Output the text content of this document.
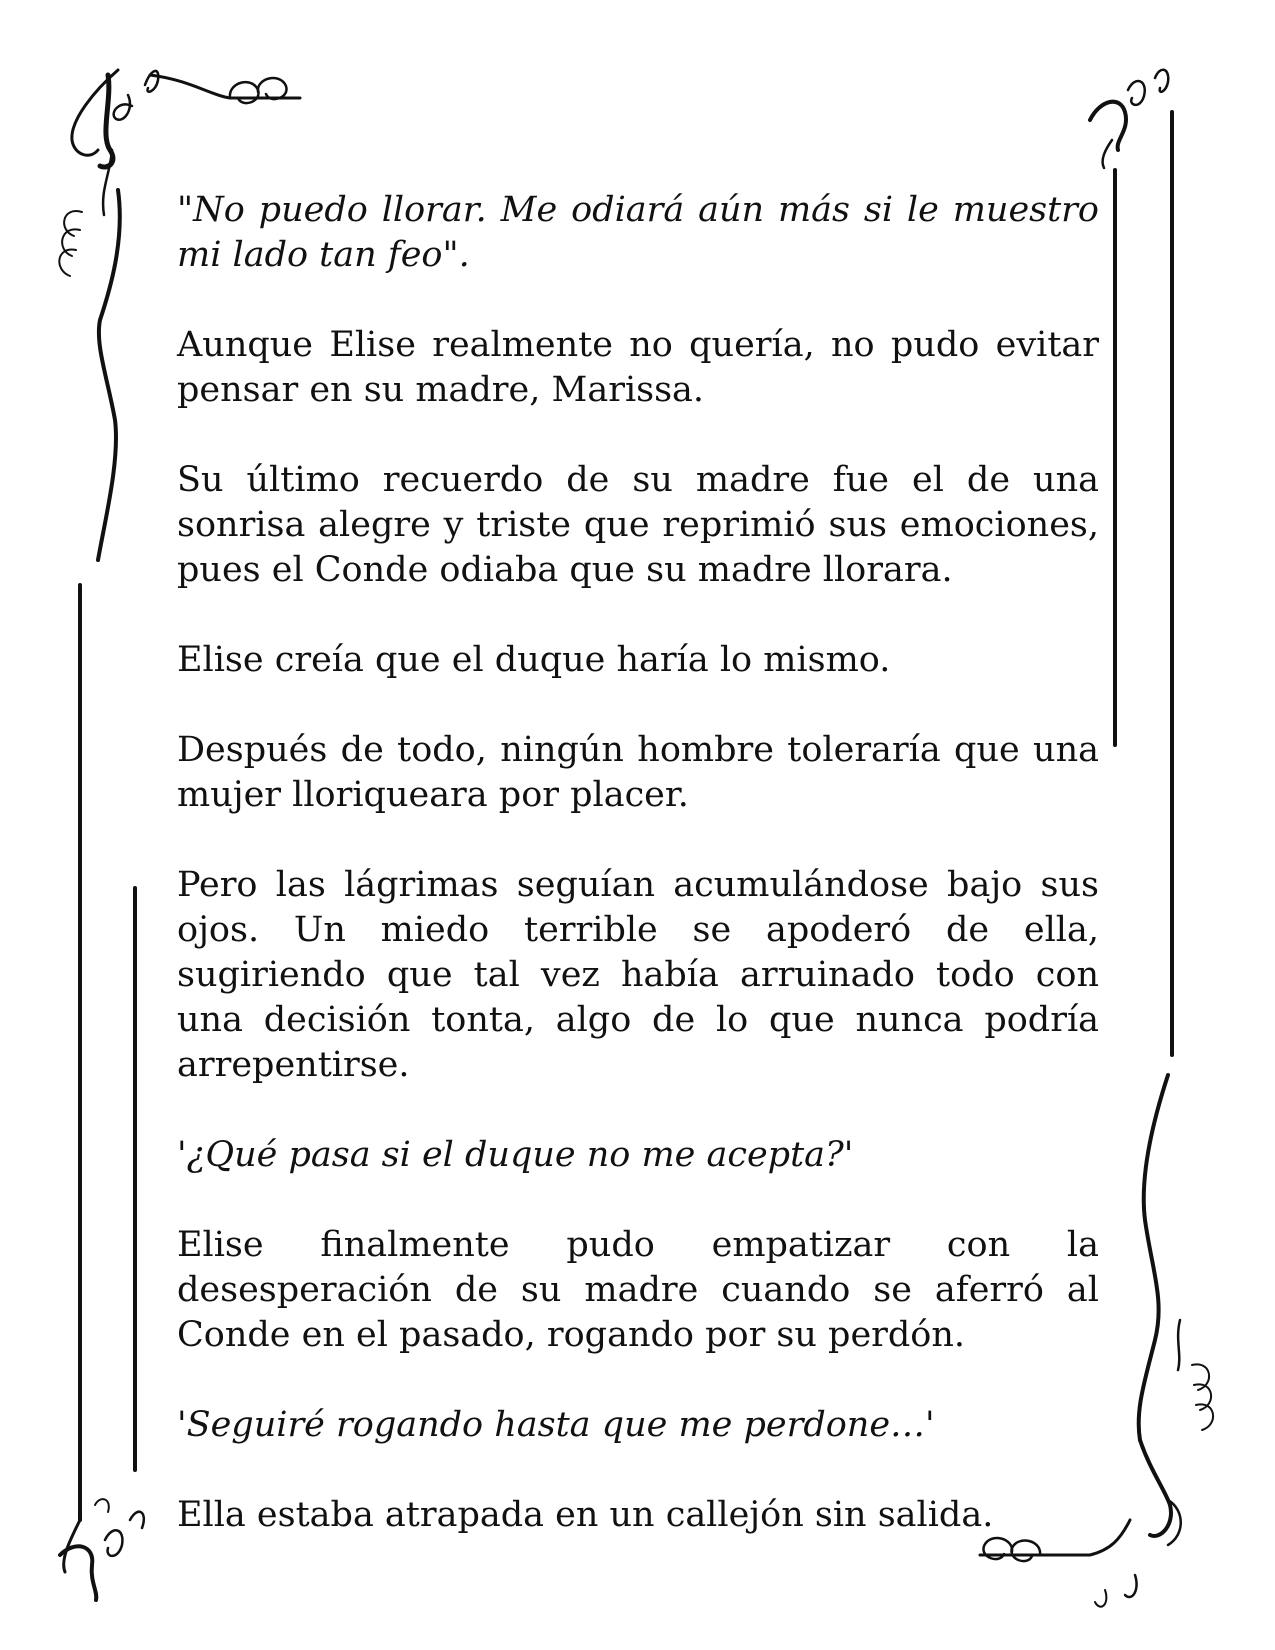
"No puedo llorar. Me odiará aún más si le muestro mi lado tan feo".

Aunque Elise realmente no quería, no pudo evitar pensar en su madre, Marissa.

Su último recuerdo de su madre fue el de una sonrisa alegre y triste que reprimió sus emociones, pues el Conde odiaba que su madre llorara.

Elise creía que el duque haría lo mismo.

Después de todo, ningún hombre toleraría que una mujer lloriqueara por placer.

Pero las lágrimas seguían acumulándose bajo sus ojos. Un miedo terrible se apoderó de ella, sugiriendo que tal vez había arruinado todo con una decisión tonta, algo de lo que nunca podría arrepentirse.

'¿Qué pasa si el duque no me acepta?'

Elise finalmente pudo empatizar con la desesperación de su madre cuando se aferró al Conde en el pasado, rogando por su perdón.

'Seguiré rogando hasta que me perdone…'

Ella estaba atrapada en un callejón sin salida.
